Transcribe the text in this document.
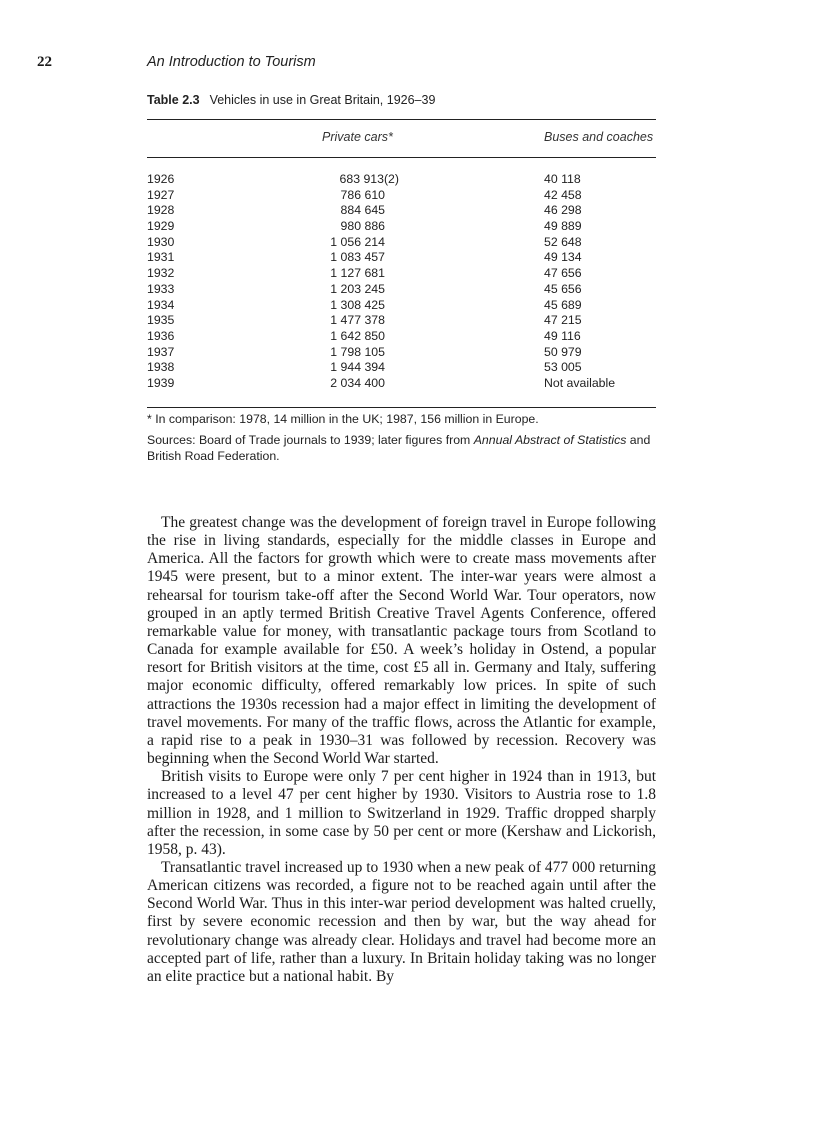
22	An Introduction to Tourism
Table 2.3 Vehicles in use in Great Britain, 1926–39
Private cars*	Buses and coaches
1926	683 913(2)	40 118
1927	786 610	42 458
1928	884 645	46 298
1929	980 886	49 889
1930	1 056 214	52 648
1931	1 083 457	49 134
1932	1 127 681	47 656
1933	1 203 245	45 656
1934	1 308 425	45 689
1935	1 477 378	47 215
1936	1 642 850	49 116
1937	1 798 105	50 979
1938	1 944 394	53 005
1939	2 034 400	Not available
* In comparison: 1978, 14 million in the UK; 1987, 156 million in Europe.
Sources: Board of Trade journals to 1939; later figures from Annual Abstract of Statistics and British Road Federation.

The greatest change was the development of foreign travel in Europe following the rise in living standards, especially for the middle classes in Europe and America. All the factors for growth which were to create mass movements after 1945 were present, but to a minor extent. The inter-war years were almost a rehearsal for tourism take-off after the Second World War. Tour operators, now grouped in an aptly termed British Creative Travel Agents Conference, offered remarkable value for money, with transatlantic package tours from Scotland to Canada for example available for £50. A week’s holiday in Ostend, a popular resort for British visitors at the time, cost £5 all in. Germany and Italy, suffering major economic difficulty, offered remarkably low prices. In spite of such attractions the 1930s recession had a major effect in limiting the development of travel movements. For many of the traffic flows, across the Atlantic for example, a rapid rise to a peak in 1930–31 was followed by recession. Recovery was beginning when the Second World War started.

British visits to Europe were only 7 per cent higher in 1924 than in 1913, but increased to a level 47 per cent higher by 1930. Visitors to Austria rose to 1.8 million in 1928, and 1 million to Switzerland in 1929. Traffic dropped sharply after the recession, in some case by 50 per cent or more (Kershaw and Lickorish, 1958, p. 43).

Transatlantic travel increased up to 1930 when a new peak of 477 000 returning American citizens was recorded, a figure not to be reached again until after the Second World War. Thus in this inter-war period development was halted cruelly, first by severe economic recession and then by war, but the way ahead for revolutionary change was already clear. Holidays and travel had become more an accepted part of life, rather than a luxury. In Britain holiday taking was no longer an elite practice but a national habit. By
